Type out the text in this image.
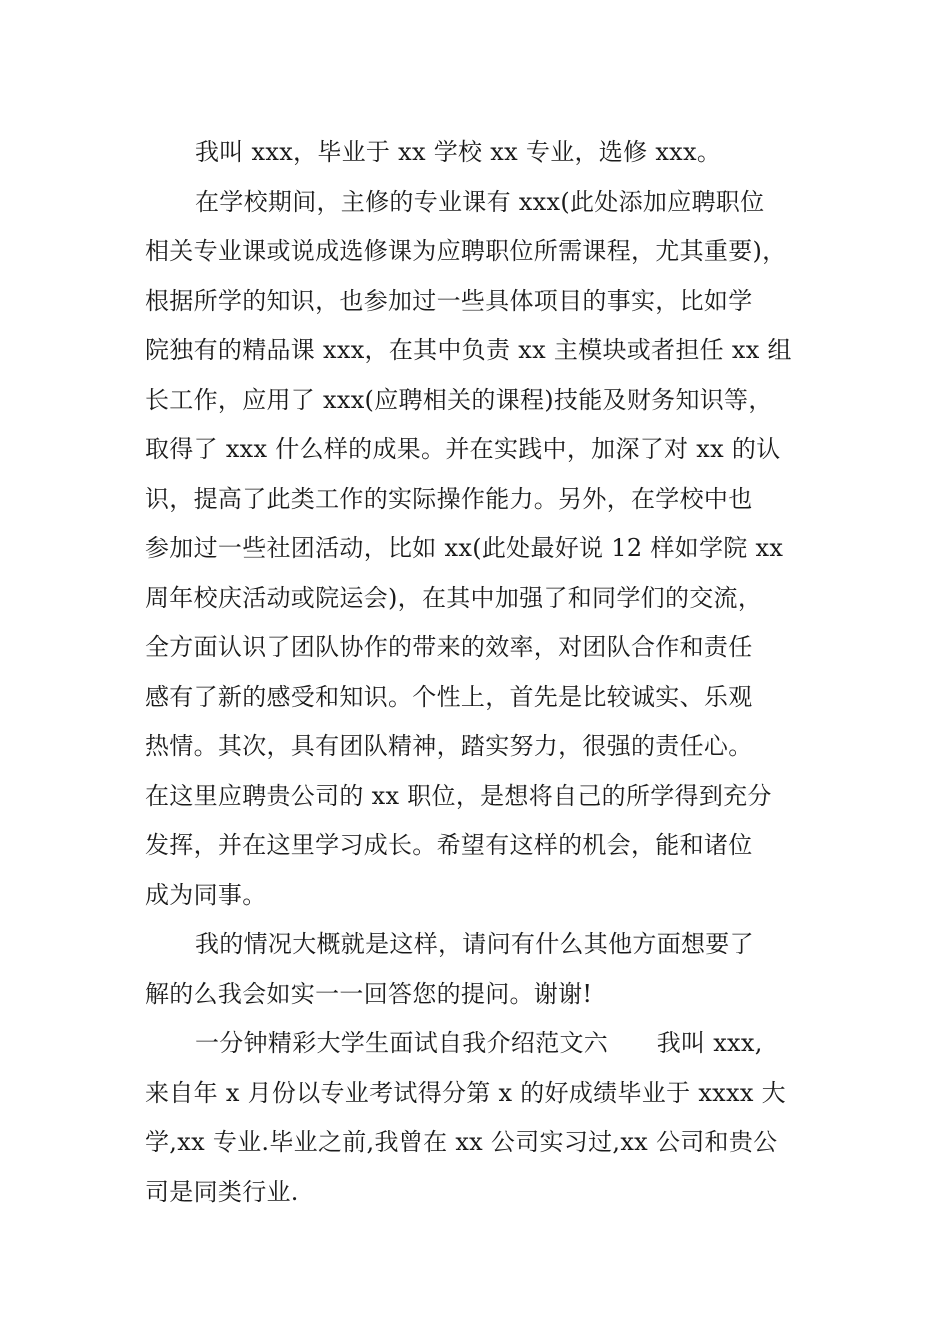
我叫 xxx，毕业于 xx 学校 xx 专业，选修 xxx。
在学校期间，主修的专业课有 xxx(此处添加应聘职位
相关专业课或说成选修课为应聘职位所需课程，尤其重要)，
根据所学的知识，也参加过一些具体项目的事实，比如学
院独有的精品课 xxx，在其中负责 xx 主模块或者担任 xx 组
长工作，应用了 xxx(应聘相关的课程)技能及财务知识等，
取得了 xxx 什么样的成果。并在实践中，加深了对 xx 的认
识，提高了此类工作的实际操作能力。另外，在学校中也
参加过一些社团活动，比如 xx(此处最好说 12 样如学院 xx
周年校庆活动或院运会)，在其中加强了和同学们的交流，
全方面认识了团队协作的带来的效率，对团队合作和责任
感有了新的感受和知识。个性上，首先是比较诚实、乐观
热情。其次，具有团队精神，踏实努力，很强的责任心。
在这里应聘贵公司的 xx 职位，是想将自己的所学得到充分
发挥，并在这里学习成长。希望有这样的机会，能和诸位
成为同事。
我的情况大概就是这样，请问有什么其他方面想要了
解的么我会如实一一回答您的提问。谢谢!
一分钟精彩大学生面试自我介绍范文六　　我叫 xxx,
来自年 x 月份以专业考试得分第 x 的好成绩毕业于 xxxx 大
学,xx 专业.毕业之前,我曾在 xx 公司实习过,xx 公司和贵公
司是同类行业.
